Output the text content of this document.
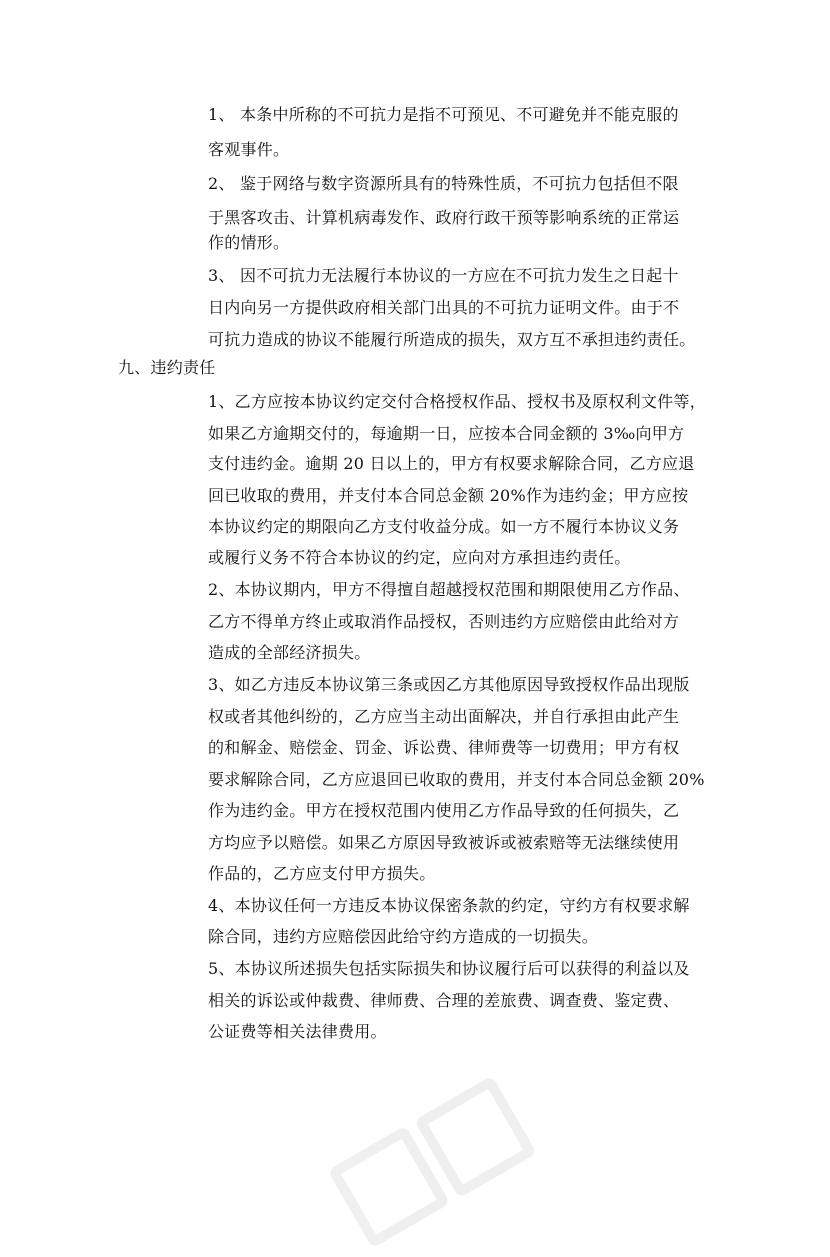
1、 本条中所称的不可抗力是指不可预见、不可避免并不能克服的
客观事件。
2、 鉴于网络与数字资源所具有的特殊性质，不可抗力包括但不限
于黑客攻击、计算机病毒发作、政府行政干预等影响系统的正常运
作的情形。
3、 因不可抗力无法履行本协议的一方应在不可抗力发生之日起十
日内向另一方提供政府相关部门出具的不可抗力证明文件。由于不
可抗力造成的协议不能履行所造成的损失，双方互不承担违约责任。
九、违约责任
1、乙方应按本协议约定交付合格授权作品、授权书及原权利文件等，
如果乙方逾期交付的，每逾期一日，应按本合同金额的 3‰向甲方
支付违约金。逾期 20 日以上的，甲方有权要求解除合同，乙方应退
回已收取的费用，并支付本合同总金额 20%作为违约金；甲方应按
本协议约定的期限向乙方支付收益分成。如一方不履行本协议义务
或履行义务不符合本协议的约定，应向对方承担违约责任。
2、本协议期内，甲方不得擅自超越授权范围和期限使用乙方作品、
乙方不得单方终止或取消作品授权，否则违约方应赔偿由此给对方
造成的全部经济损失。
3、如乙方违反本协议第三条或因乙方其他原因导致授权作品出现版
权或者其他纠纷的，乙方应当主动出面解决，并自行承担由此产生
的和解金、赔偿金、罚金、诉讼费、律师费等一切费用；甲方有权
要求解除合同，乙方应退回已收取的费用，并支付本合同总金额 20%
作为违约金。甲方在授权范围内使用乙方作品导致的任何损失，乙
方均应予以赔偿。如果乙方原因导致被诉或被索赔等无法继续使用
作品的，乙方应支付甲方损失。
4、本协议任何一方违反本协议保密条款的约定，守约方有权要求解
除合同，违约方应赔偿因此给守约方造成的一切损失。
5、本协议所述损失包括实际损失和协议履行后可以获得的利益以及
相关的诉讼或仲裁费、律师费、合理的差旅费、调查费、鉴定费、
公证费等相关法律费用。
